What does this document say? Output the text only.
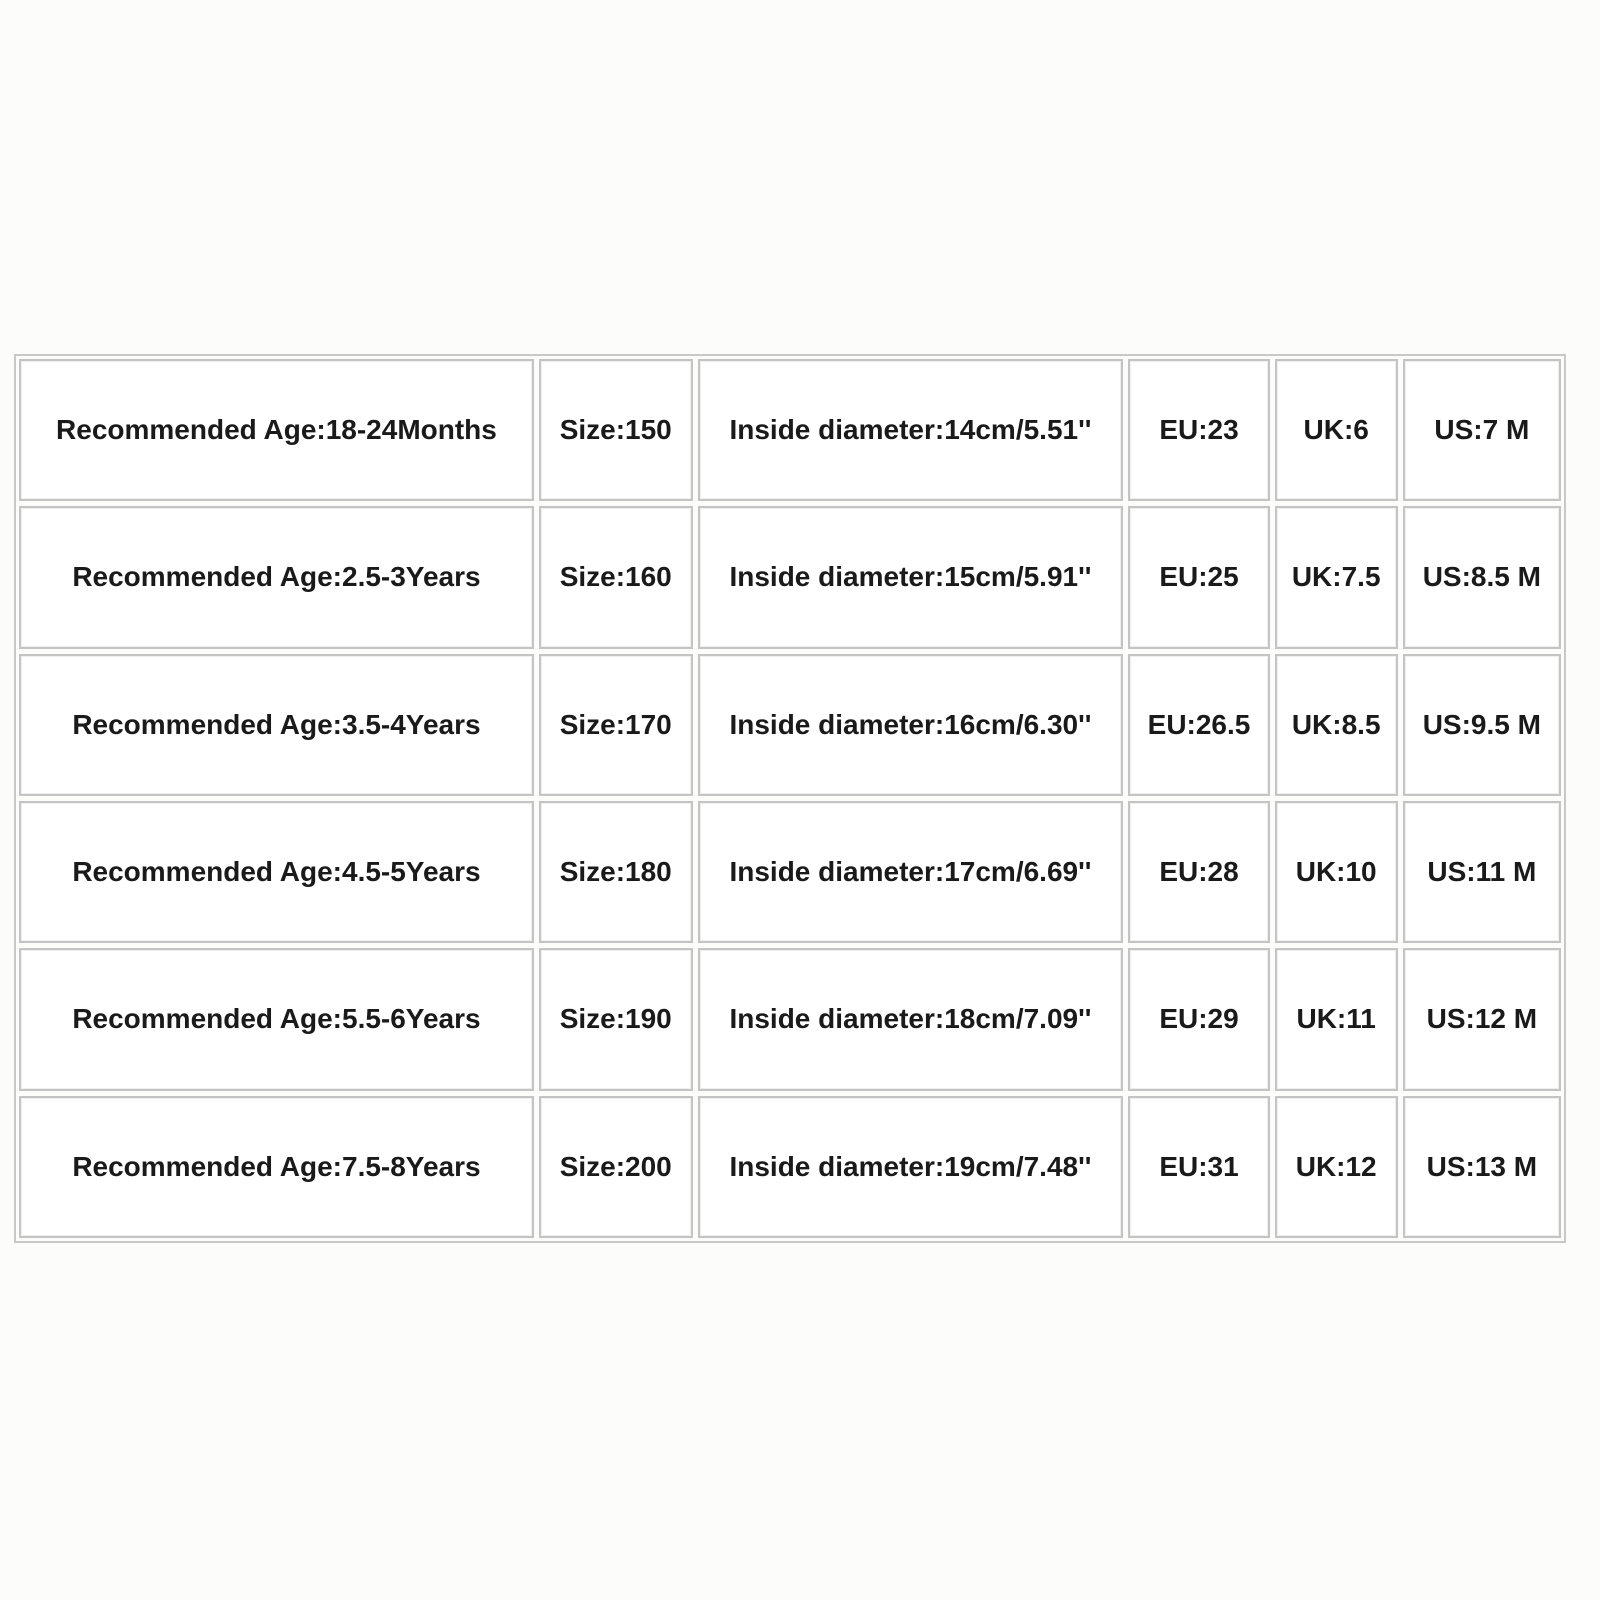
Recommended Age:18-24Months	Size:150	Inside diameter:14cm/5.51''	EU:23	UK:6	US:7 M
Recommended Age:2.5-3Years	Size:160	Inside diameter:15cm/5.91''	EU:25	UK:7.5	US:8.5 M
Recommended Age:3.5-4Years	Size:170	Inside diameter:16cm/6.30''	EU:26.5	UK:8.5	US:9.5 M
Recommended Age:4.5-5Years	Size:180	Inside diameter:17cm/6.69''	EU:28	UK:10	US:11 M
Recommended Age:5.5-6Years	Size:190	Inside diameter:18cm/7.09''	EU:29	UK:11	US:12 M
Recommended Age:7.5-8Years	Size:200	Inside diameter:19cm/7.48''	EU:31	UK:12	US:13 M
